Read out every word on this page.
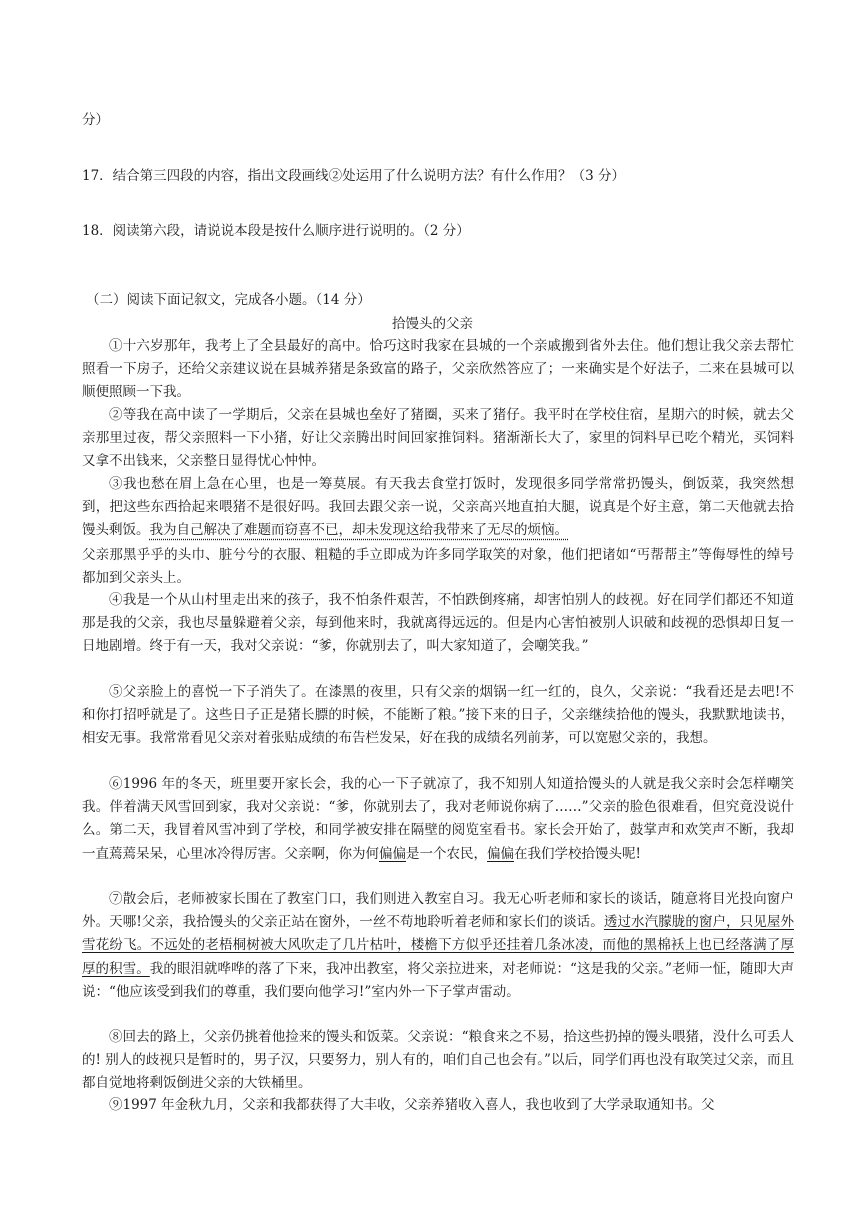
分）
17．结合第三四段的内容，指出文段画线②处运用了什么说明方法？有什么作用？（3 分）
18．阅读第六段，请说说本段是按什么顺序进行说明的。（2 分）
（二）阅读下面记叙文，完成各小题。（14 分）
拾馒头的父亲
①十六岁那年，我考上了全县最好的高中。恰巧这时我家在县城的一个亲戚搬到省外去住。他们想让我父亲去帮忙照看一下房子，还给父亲建议说在县城养猪是条致富的路子，父亲欣然答应了；一来确实是个好法子，二来在县城可以顺便照顾一下我。
②等我在高中读了一学期后，父亲在县城也垒好了猪圈，买来了猪仔。我平时在学校住宿，星期六的时候，就去父亲那里过夜，帮父亲照料一下小猪，好让父亲腾出时间回家推饲料。猪渐渐长大了，家里的饲料早已吃个精光，买饲料又拿不出钱来，父亲整日显得忧心忡忡。
③我也愁在眉上急在心里，也是一筹莫展。有天我去食堂打饭时，发现很多同学常常扔馒头，倒饭菜，我突然想到，把这些东西拾起来喂猪不是很好吗。我回去跟父亲一说，父亲高兴地直拍大腿，说真是个好主意，第二天他就去拾馒头剩饭。我为自己解决了难题而窃喜不已，却未发现这给我带来了无尽的烦恼。
父亲那黑乎乎的头巾、脏兮兮的衣服、粗糙的手立即成为许多同学取笑的对象，他们把诸如“丐帮帮主”等侮辱性的绰号都加到父亲头上。
④我是一个从山村里走出来的孩子，我不怕条件艰苦，不怕跌倒疼痛，却害怕别人的歧视。好在同学们都还不知道那是我的父亲，我也尽量躲避着父亲，每到他来时，我就离得远远的。但是内心害怕被别人识破和歧视的恐惧却日复一日地剧增。终于有一天，我对父亲说：“爹，你就别去了，叫大家知道了，会嘲笑我。”
⑤父亲脸上的喜悦一下子消失了。在漆黑的夜里，只有父亲的烟锅一红一红的，良久，父亲说：“我看还是去吧!不和你打招呼就是了。这些日子正是猪长膘的时候，不能断了粮。”接下来的日子，父亲继续拾他的馒头，我默默地读书，相安无事。我常常看见父亲对着张贴成绩的布告栏发呆，好在我的成绩名列前茅，可以宽慰父亲的，我想。
⑥1996 年的冬天，班里要开家长会，我的心一下子就凉了，我不知别人知道拾馒头的人就是我父亲时会怎样嘲笑我。伴着满天风雪回到家，我对父亲说：“爹，你就别去了，我对老师说你病了……”父亲的脸色很难看，但究竟没说什么。第二天，我冒着风雪冲到了学校，和同学被安排在隔壁的阅览室看书。家长会开始了，鼓掌声和欢笑声不断，我却一直蔫蔫呆呆，心里冰冷得厉害。父亲啊，你为何偏偏是一个农民，偏偏在我们学校拾馒头呢!
⑦散会后，老师被家长围在了教室门口，我们则进入教室自习。我无心听老师和家长的谈话，随意将目光投向窗户外。天哪!父亲，我拾馒头的父亲正站在窗外，一丝不苟地聆听着老师和家长们的谈话。透过水汽朦胧的窗户，只见屋外雪花纷飞。不远处的老梧桐树被大风吹走了几片枯叶，楼檐下方似乎还挂着几条冰凌，而他的黑棉袄上也已经落满了厚厚的积雪。我的眼泪就哗哗的落了下来，我冲出教室，将父亲拉进来，对老师说：“这是我的父亲。”老师一怔，随即大声说：“他应该受到我们的尊重，我们要向他学习!”室内外一下子掌声雷动。
⑧回去的路上，父亲仍挑着他捡来的馒头和饭菜。父亲说：“粮食来之不易，拾这些扔掉的馒头喂猪，没什么可丢人的! 别人的歧视只是暂时的，男子汉，只要努力，别人有的，咱们自己也会有。”以后，同学们再也没有取笑过父亲，而且都自觉地将剩饭倒进父亲的大铁桶里。
⑨1997 年金秋九月，父亲和我都获得了大丰收，父亲养猪收入喜人，我也收到了大学录取通知书。父
